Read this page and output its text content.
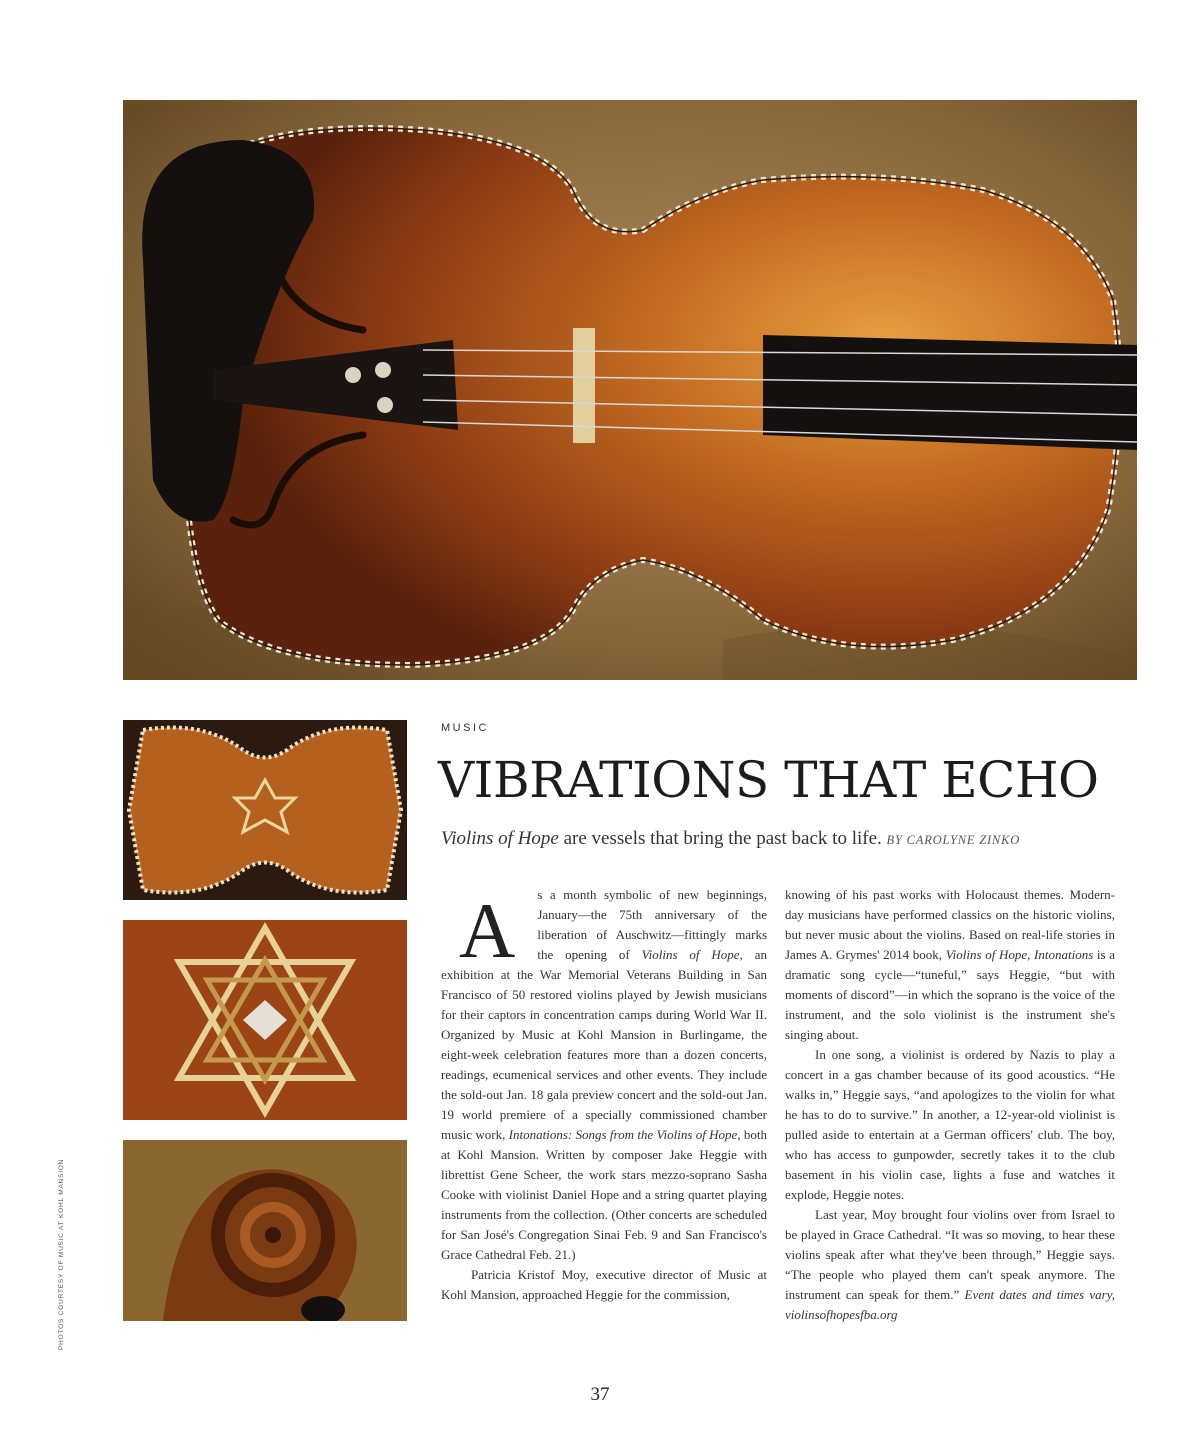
PHOTOS COURTESY OF MUSIC AT KOHL MANSION
MUSIC
VIBRATIONS THAT ECHO
Violins of Hope are vessels that bring the past back to life. BY CAROLYNE ZINKO

A s a month symbolic of new beginnings, January—the 75th anniversary of the liberation of Auschwitz—fittingly marks the opening of Violins of Hope, an exhibition at the War Memorial Veterans Building in San Francisco of 50 restored violins played by Jewish musicians for their captors in concentration camps during World War II. Organized by Music at Kohl Mansion in Burlingame, the eight-week celebration features more than a dozen concerts, readings, ecumenical services and other events. They include the sold-out Jan. 18 gala preview concert and the sold-out Jan. 19 world premiere of a specially commissioned chamber music work, Intonations: Songs from the Violins of Hope, both at Kohl Mansion. Written by composer Jake Heggie with librettist Gene Scheer, the work stars mezzo-soprano Sasha Cooke with violinist Daniel Hope and a string quartet playing instruments from the collection. (Other concerts are scheduled for San José's Congregation Sinai Feb. 9 and San Francisco's Grace Cathedral Feb. 21.)

Patricia Kristof Moy, executive director of Music at Kohl Mansion, approached Heggie for the commission,

knowing of his past works with Holocaust themes. Modern-day musicians have performed classics on the historic violins, but never music about the violins. Based on real-life stories in James A. Grymes' 2014 book, Violins of Hope, Intonations is a dramatic song cycle—“tuneful,” says Heggie, “but with moments of discord”—in which the soprano is the voice of the instrument, and the solo violinist is the instrument she's singing about.

In one song, a violinist is ordered by Nazis to play a concert in a gas chamber because of its good acoustics. “He walks in,” Heggie says, “and apologizes to the violin for what he has to do to survive.” In another, a 12-year-old violinist is pulled aside to entertain at a German officers' club. The boy, who has access to gunpowder, secretly takes it to the club basement in his violin case, lights a fuse and watches it explode, Heggie notes.

Last year, Moy brought four violins over from Israel to be played in Grace Cathedral. “It was so moving, to hear these violins speak after what they've been through,” Heggie says. “The people who played them can't speak anymore. The instrument can speak for them.” Event dates and times vary, violinsofhopesfba.org

37
